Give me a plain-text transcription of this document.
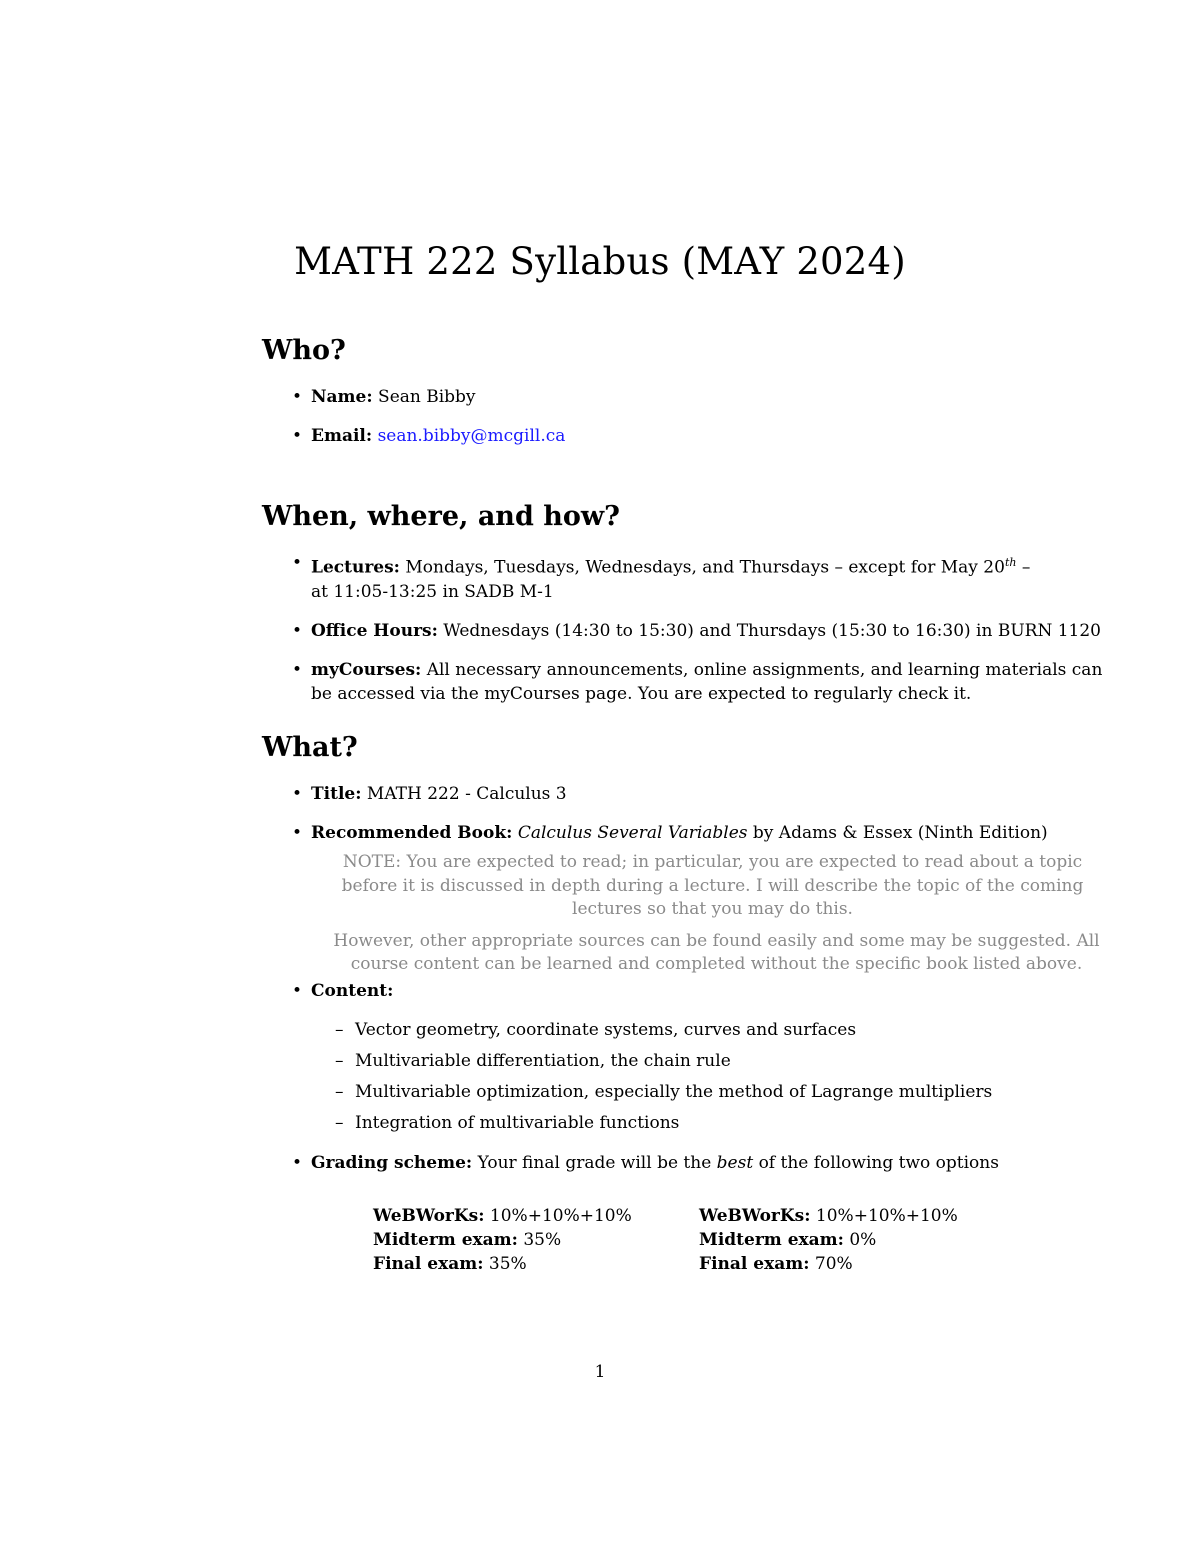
MATH 222 Syllabus (MAY 2024)
Who?
• Name: Sean Bibby
• Email: sean.bibby@mcgill.ca
When, where, and how?
• Lectures: Mondays, Tuesdays, Wednesdays, and Thursdays – except for May 20th –
at 11:05-13:25 in SADB M-1
• Office Hours: Wednesdays (14:30 to 15:30) and Thursdays (15:30 to 16:30) in BURN 1120
• myCourses: All necessary announcements, online assignments, and learning materials can be accessed via the myCourses page. You are expected to regularly check it.
What?
• Title: MATH 222 - Calculus 3
• Recommended Book: Calculus Several Variables by Adams & Essex (Ninth Edition)

NOTE: You are expected to read; in particular, you are expected to read about a topic before it is discussed in depth during a lecture. I will describe the topic of the coming lectures so that you may do this.

However, other appropriate sources can be found easily and some may be suggested. All course content can be learned and completed without the specific book listed above.

• Content:
– Vector geometry, coordinate systems, curves and surfaces
– Multivariable differentiation, the chain rule
– Multivariable optimization, especially the method of Lagrange multipliers
– Integration of multivariable functions
• Grading scheme: Your final grade will be the best of the following two options
WeBWorKs: 10%+10%+10%
Midterm exam: 35%
Final exam: 35%
WeBWorKs: 10%+10%+10%
Midterm exam: 0%
Final exam: 70%
1
